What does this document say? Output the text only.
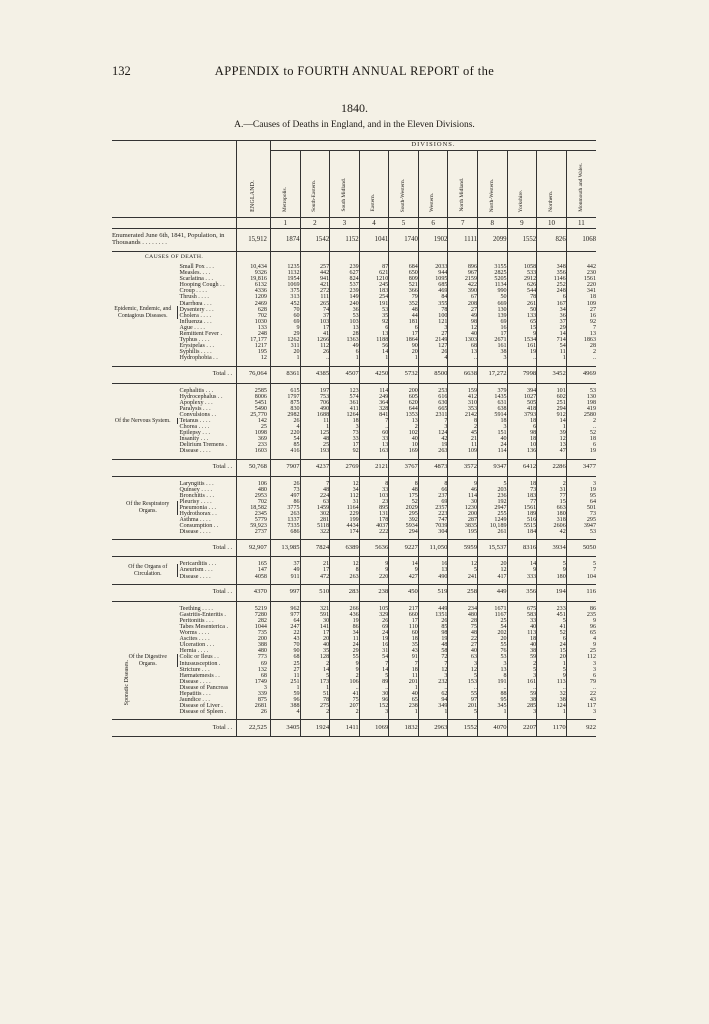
132	APPENDIX to FOURTH ANNUAL REPORT of the
1840.
A.—Causes of Deaths in England, and in the Eleven Divisions.
			DIVISIONS.										
		ENGLAND.	Metropolis.	South-Eastern.	South Midland.	Eastern.	South-Western.	Western.	North Midland.	North-Western.	Yorkshire.	Northern.	Monmouth and Wales.
			1	2	3	4	5	6	7	8	9	10	11
Enumerated June 6th, 1841, Population, in Thousands . . . . . . . .		15,912	1874	1542	1152	1041	1740	1902	1111	2099	1552	826	1068
CAUSES OF DEATH.													

Epidemic, Endemic, and Contagious Diseases.	Small Pox . . .	10,434	1235	257	239	87	684	2033	896	3155	1058	348	442
	Measles. . . .	9326	1132	442	627	621	650	944	967	2825	533	356	230
	Scarlatina . . .	19,816	1954	941	824	1210	809	1095	2159	5205	2912	1146	1561
	Hooping Cough . .	6132	1069	421	537	245	521	685	422	1134	626	252	220
	Croup . . . .	4336	375	272	239	183	366	469	390	990	544	248	341
	Thrush . . . .	1209	313	111	149	254	79	84	67	50	78	6	18
	Diarrhœa . . .	2469	452	265	240	191	352	355	208	669	261	167	109
	Dysentery . . .	628	70	74	36	53	48	78	27	130	50	34	27
	Cholera . . . .	702	60	37	53	35	44	100	49	139	133	36	16
	Influenza . . .	1030	69	103	103	92	181	121	98	69	65	37	92
	Ague . . . .	133	9	17	13	6	6	3	12	16	15	29	7
	Remittent Fever .	248	29	41	28	13	17	27	40	17	9	14	13
	Typhus . . . .	17,177	1262	1266	1363	1188	1864	2149	1303	2671	1534	714	1863
	Erysipelas . . .	1217	311	112	49	56	90	127	68	161	161	54	28
	Syphilis . . . .	195	20	26	6	14	20	26	13	38	19	11	2
	Hydrophobia . .	12	1	..	1	1	1	4	..	3	..	1	..

Total . .		76,064	8361	4385	4507	4250	5732	8500	6638	17,272	7998	3452	4969

Of the Nervous System.	Cephalitis . . .	2585	615	197	123	114	200	253	159	379	394	101	53
	Hydrocephalus . .	8006	1797	753	574	249	605	616	412	1435	1027	602	130
	Apoplexy . . .	5451	875	706	361	364	620	630	310	631	505	251	198
	Paralysis . . .	5490	830	490	411	328	644	665	353	638	418	294	419
	Convulsions . .	25,770	2982	1688	1264	841	1353	2311	2142	5914	3793	912	2580
	Tetanus . . . .	142	26	11	18	7	13	7	8	18	18	14	2
	Chorea . . . .	25	4	1	3	..	2	3	2	3	6	1	..
	Epilepsy . . .	1098	220	125	73	60	102	124	45	151	98	39	52
	Insanity . . .	369	54	48	33	33	40	42	21	40	18	12	18
	Delirium Tremens .	233	85	25	17	13	10	19	11	24	10	13	6
	Disease . . . .	1603	416	193	92	163	169	263	109	114	136	47	19

Total . .		50,768	7907	4237	2769	2121	3767	4873	3572	9347	6412	2286	3477

Of the Respiratory Organs.	Laryngitis . . .	106	26	7	12	8	8	8	9	5	18	2	3
	Quinsey . . . .	480	73	48	34	33	48	66	46	203	73	31	19
	Bronchitis . . .	2953	497	224	112	103	175	237	114	236	183	77	95
	Pleurisy . . . .	702	86	63	31	23	52	69	30	192	77	15	64
	Pneumonia . . .	18,582	3775	1459	1164	895	2029	2357	1230	2947	1561	663	501
	Hydrothorax . .	2345	263	302	229	131	295	223	200	255	189	180	73
	Asthma . . . .	5779	1337	281	199	178	392	747	287	1249	516	318	295
	Consumption . .	59,923	7335	5118	4434	4037	5934	7039	3835	10,189	5515	2606	3947
	Disease . . . .	2737	686	322	174	222	294	304	195	261	184	42	53

Total . .		92,907	13,985	7824	6389	5636	9227	11,050	5959	15,537	8316	3934	5050

Of the Organs of Circulation.	Pericarditis . . .	165	37	21	12	9	14	16	12	20	14	5	5
	Aneurism . . .	147	49	17	8	9	9	13	5	12	9	9	7
	Disease . . . .	4058	911	472	263	220	427	490	241	417	333	180	104

Total . .		4370	997	510	283	238	450	519	258	449	356	194	116

Of the Digestive Organs.	Teething . . . .	5219	962	321	266	105	217	449	234	1671	675	233	86
	Gastritis-Enteritis .	7280	977	591	436	329	660	1351	480	1167	583	451	235
	Peritonitis . . .	282	64	30	19	26	17	26	28	25	33	5	9
	Tabes Mesenterica .	1044	247	141	86	69	110	85	75	54	40	41	96
	Worms . . . .	735	22	17	34	24	60	98	48	202	113	52	65
	Ascites . . . .	200	43	20	11	19	18	19	22	20	18	6	4
	Ulceration . . .	388	70	40	24	16	35	48	27	55	40	24	9
	Hernia . . . .	480	90	35	29	31	43	58	40	76	38	15	25
	Colic or Ileus . .	773	68	128	55	54	91	72	63	53	59	20	112
	Intussusception .	69	25	2	9	7	7	7	3	3	2	1	3
	Stricture . . .	132	27	14	9	14	18	12	12	13	5	5	3
	Hæmatemesis . .	68	11	5	2	5	11	3	5	8	3	9	6
	Disease . . . .	1749	251	173	106	89	201	232	153	191	161	113	79
	Disease of Pancreas	3	1	1	..	..	1	..	..	..	..	..	..
	Hepatitis . . .	339	59	51	41	30	40	62	55	88	59	32	22
	Jaundice . . .	875	96	78	75	96	65	94	97	95	38	38	43
	Disease of Liver .	2681	388	275	207	152	238	349	201	345	285	124	117
	Disease of Spleen .	26	4	2	2	3	1	1	5	1	3	1	3

Total . .		22,525	3405	1924	1411	1069	1832	2963	1552	4070	2207	1170	922
Sporadic Diseases.
